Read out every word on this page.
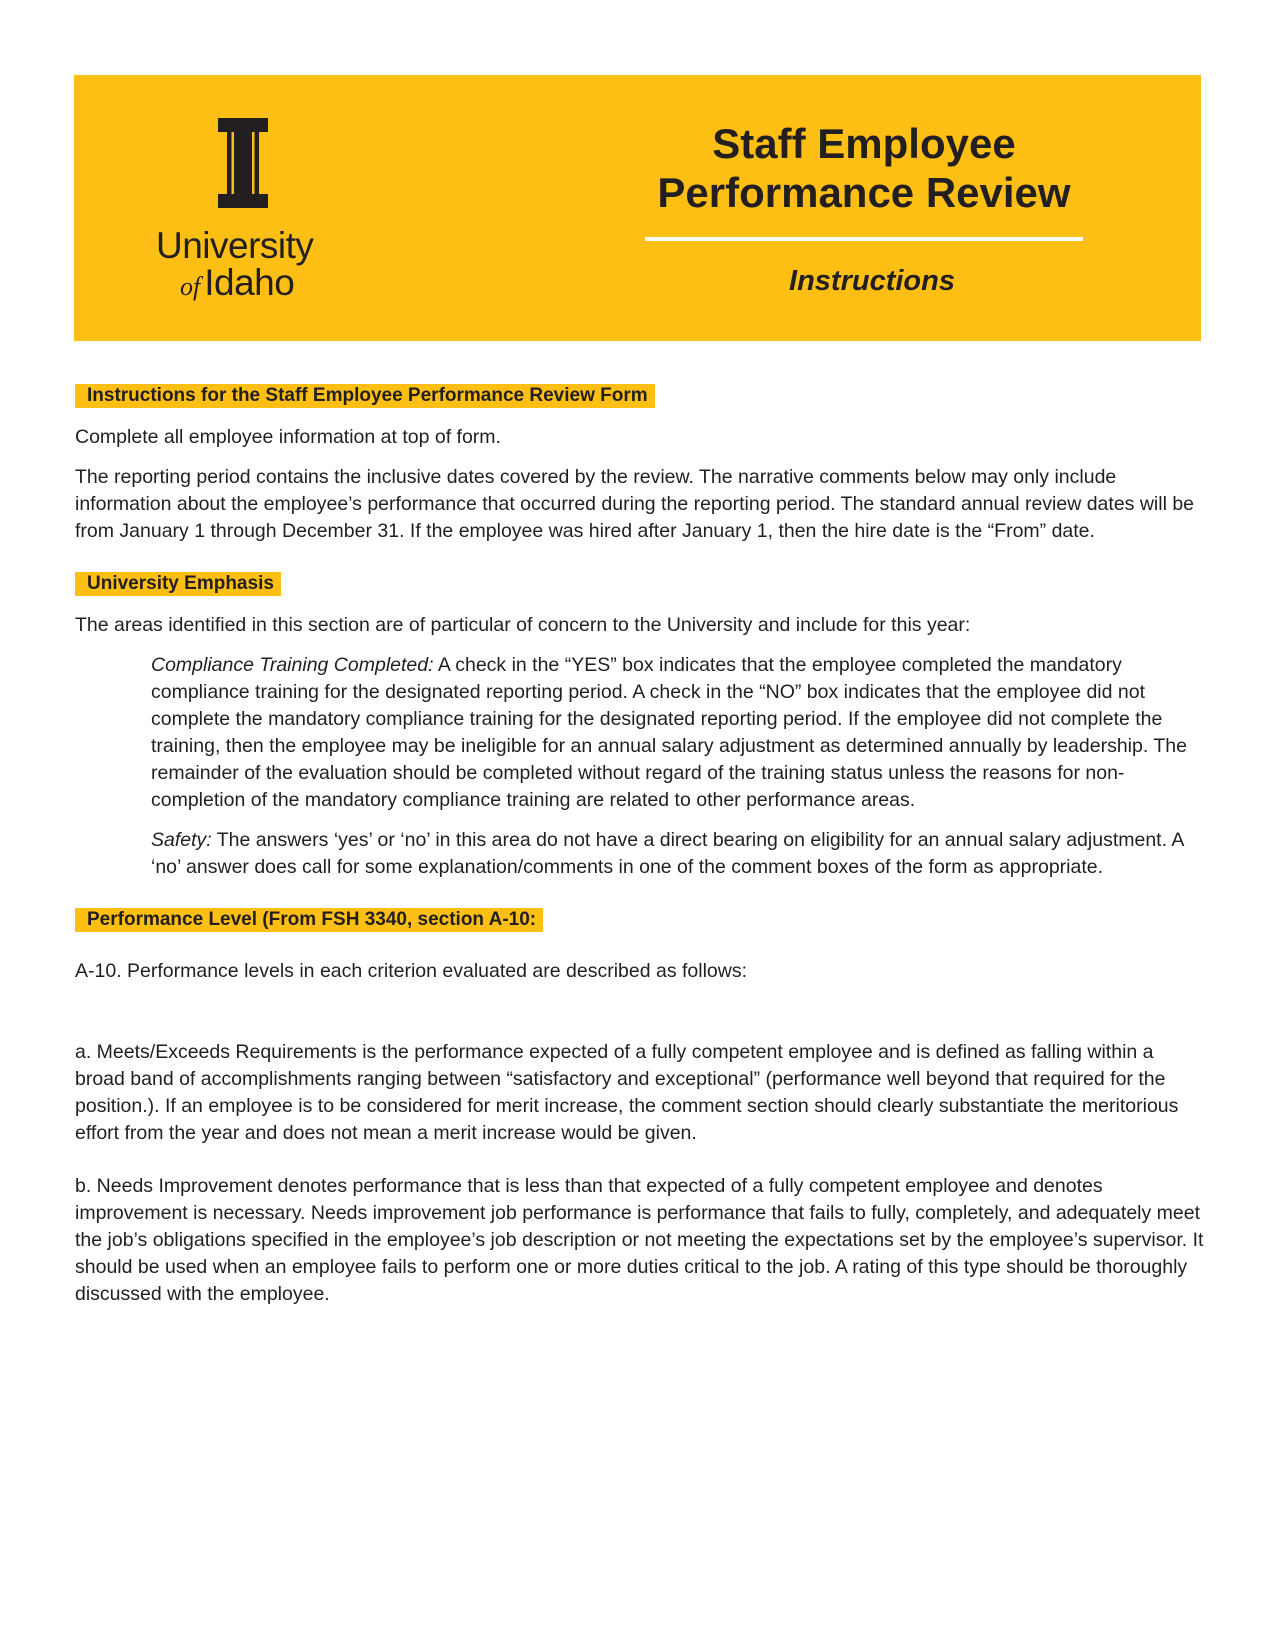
University
of Idaho
Staff Employee
Performance Review
Instructions
Instructions for the Staff Employee Performance Review Form

Complete all employee information at top of form.

The reporting period contains the inclusive dates covered by the review. The narrative comments below may only include information about the employee’s performance that occurred during the reporting period. The standard annual review dates will be from January 1 through December 31. If the employee was hired after January 1, then the hire date is the “From” date.

University Emphasis

The areas identified in this section are of particular of concern to the University and include for this year:

Compliance Training Completed: A check in the “YES” box indicates that the employee completed the mandatory compliance training for the designated reporting period. A check in the “NO” box indicates that the employee did not complete the mandatory compliance training for the designated reporting period. If the employee did not complete the training, then the employee may be ineligible for an annual salary adjustment as determined annually by leadership. The remainder of the evaluation should be completed without regard of the training status unless the reasons for non-completion of the mandatory compliance training are related to other performance areas.

Safety: The answers ‘yes’ or ‘no’ in this area do not have a direct bearing on eligibility for an annual salary adjustment. A ‘no’ answer does call for some explanation/comments in one of the comment boxes of the form as appropriate.

Performance Level (From FSH 3340, section A-10:

A-10. Performance levels in each criterion evaluated are described as follows:

a. Meets/Exceeds Requirements is the performance expected of a fully competent employee and is defined as falling within a broad band of accomplishments ranging between “satisfactory and exceptional” (performance well beyond that required for the position.). If an employee is to be considered for merit increase, the comment section should clearly substantiate the meritorious effort from the year and does not mean a merit increase would be given.

b. Needs Improvement denotes performance that is less than that expected of a fully competent employee and denotes improvement is necessary. Needs improvement job performance is performance that fails to fully, completely, and adequately meet the job’s obligations specified in the employee’s job description or not meeting the expectations set by the employee’s supervisor. It should be used when an employee fails to perform one or more duties critical to the job. A rating of this type should be thoroughly discussed with the employee.
